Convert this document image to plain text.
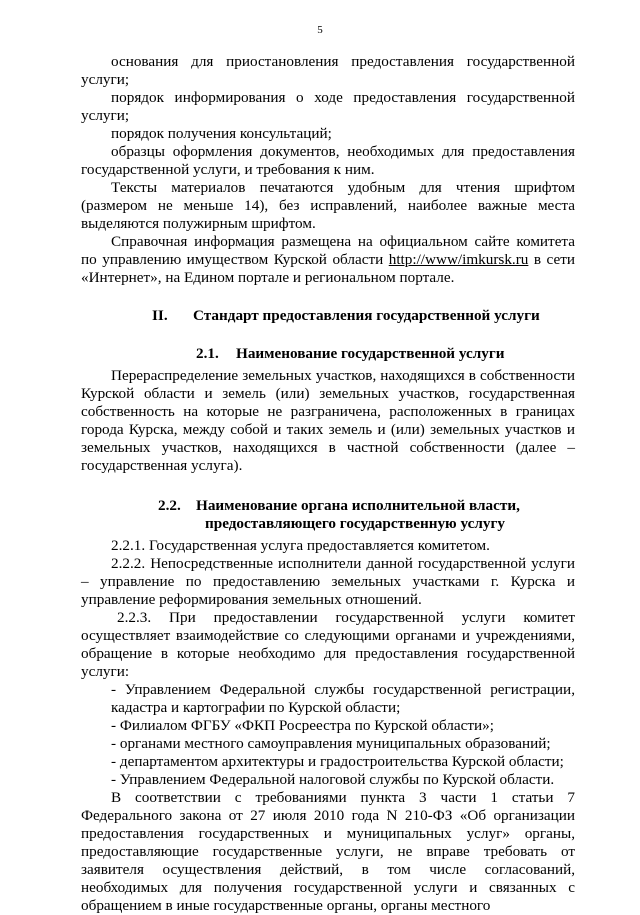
5

основания для приостановления предоставления государственной услуги;

порядок информирования о ходе предоставления государственной услуги;

порядок получения консультаций;

образцы оформления документов, необходимых для предоставления государственной услуги, и требования к ним.

Тексты материалов печатаются удобным для чтения шрифтом (размером не меньше 14), без исправлений, наиболее важные места выделяются полужирным шрифтом.

Справочная информация размещена на официальном сайте комитета по управлению имуществом Курской области http://www/imkursk.ru в сети «Интернет», на Едином портале и региональном портале.

II. Стандарт предоставления государственной услуги

2.1. Наименование государственной услуги

Перераспределение земельных участков, находящихся в собственности Курской области и земель (или) земельных участков, государственная собственность на которые не разграничена, расположенных в границах города Курска, между собой и таких земель и (или) земельных участков и земельных участков, находящихся в частной собственности (далее – государственная услуга).

2.2. Наименование органа исполнительной власти,
предоставляющего государственную услугу

2.2.1. Государственная услуга предоставляется комитетом.

2.2.2. Непосредственные исполнители данной государственной услуги – управление по предоставлению земельных участками г. Курска и управление реформирования земельных отношений.

2.2.3. При предоставлении государственной услуги комитет осуществляет взаимодействие со следующими органами и учреждениями, обращение в которые необходимо для предоставления государственной услуги:

- Управлением Федеральной службы государственной регистрации, кадастра и картографии по Курской области;

- Филиалом ФГБУ «ФКП Росреестра по Курской области»;

- органами местного самоуправления муниципальных образований;

- департаментом архитектуры и градостроительства Курской области;

- Управлением Федеральной налоговой службы по Курской области.

В соответствии с требованиями пункта 3 части 1 статьи 7 Федерального закона от 27 июля 2010 года N 210-ФЗ «Об организации предоставления государственных и муниципальных услуг» органы, предоставляющие государственные услуги, не вправе требовать от заявителя осуществления действий, в том числе согласований, необходимых для получения государственной услуги и связанных с обращением в иные государственные органы, органы местного
